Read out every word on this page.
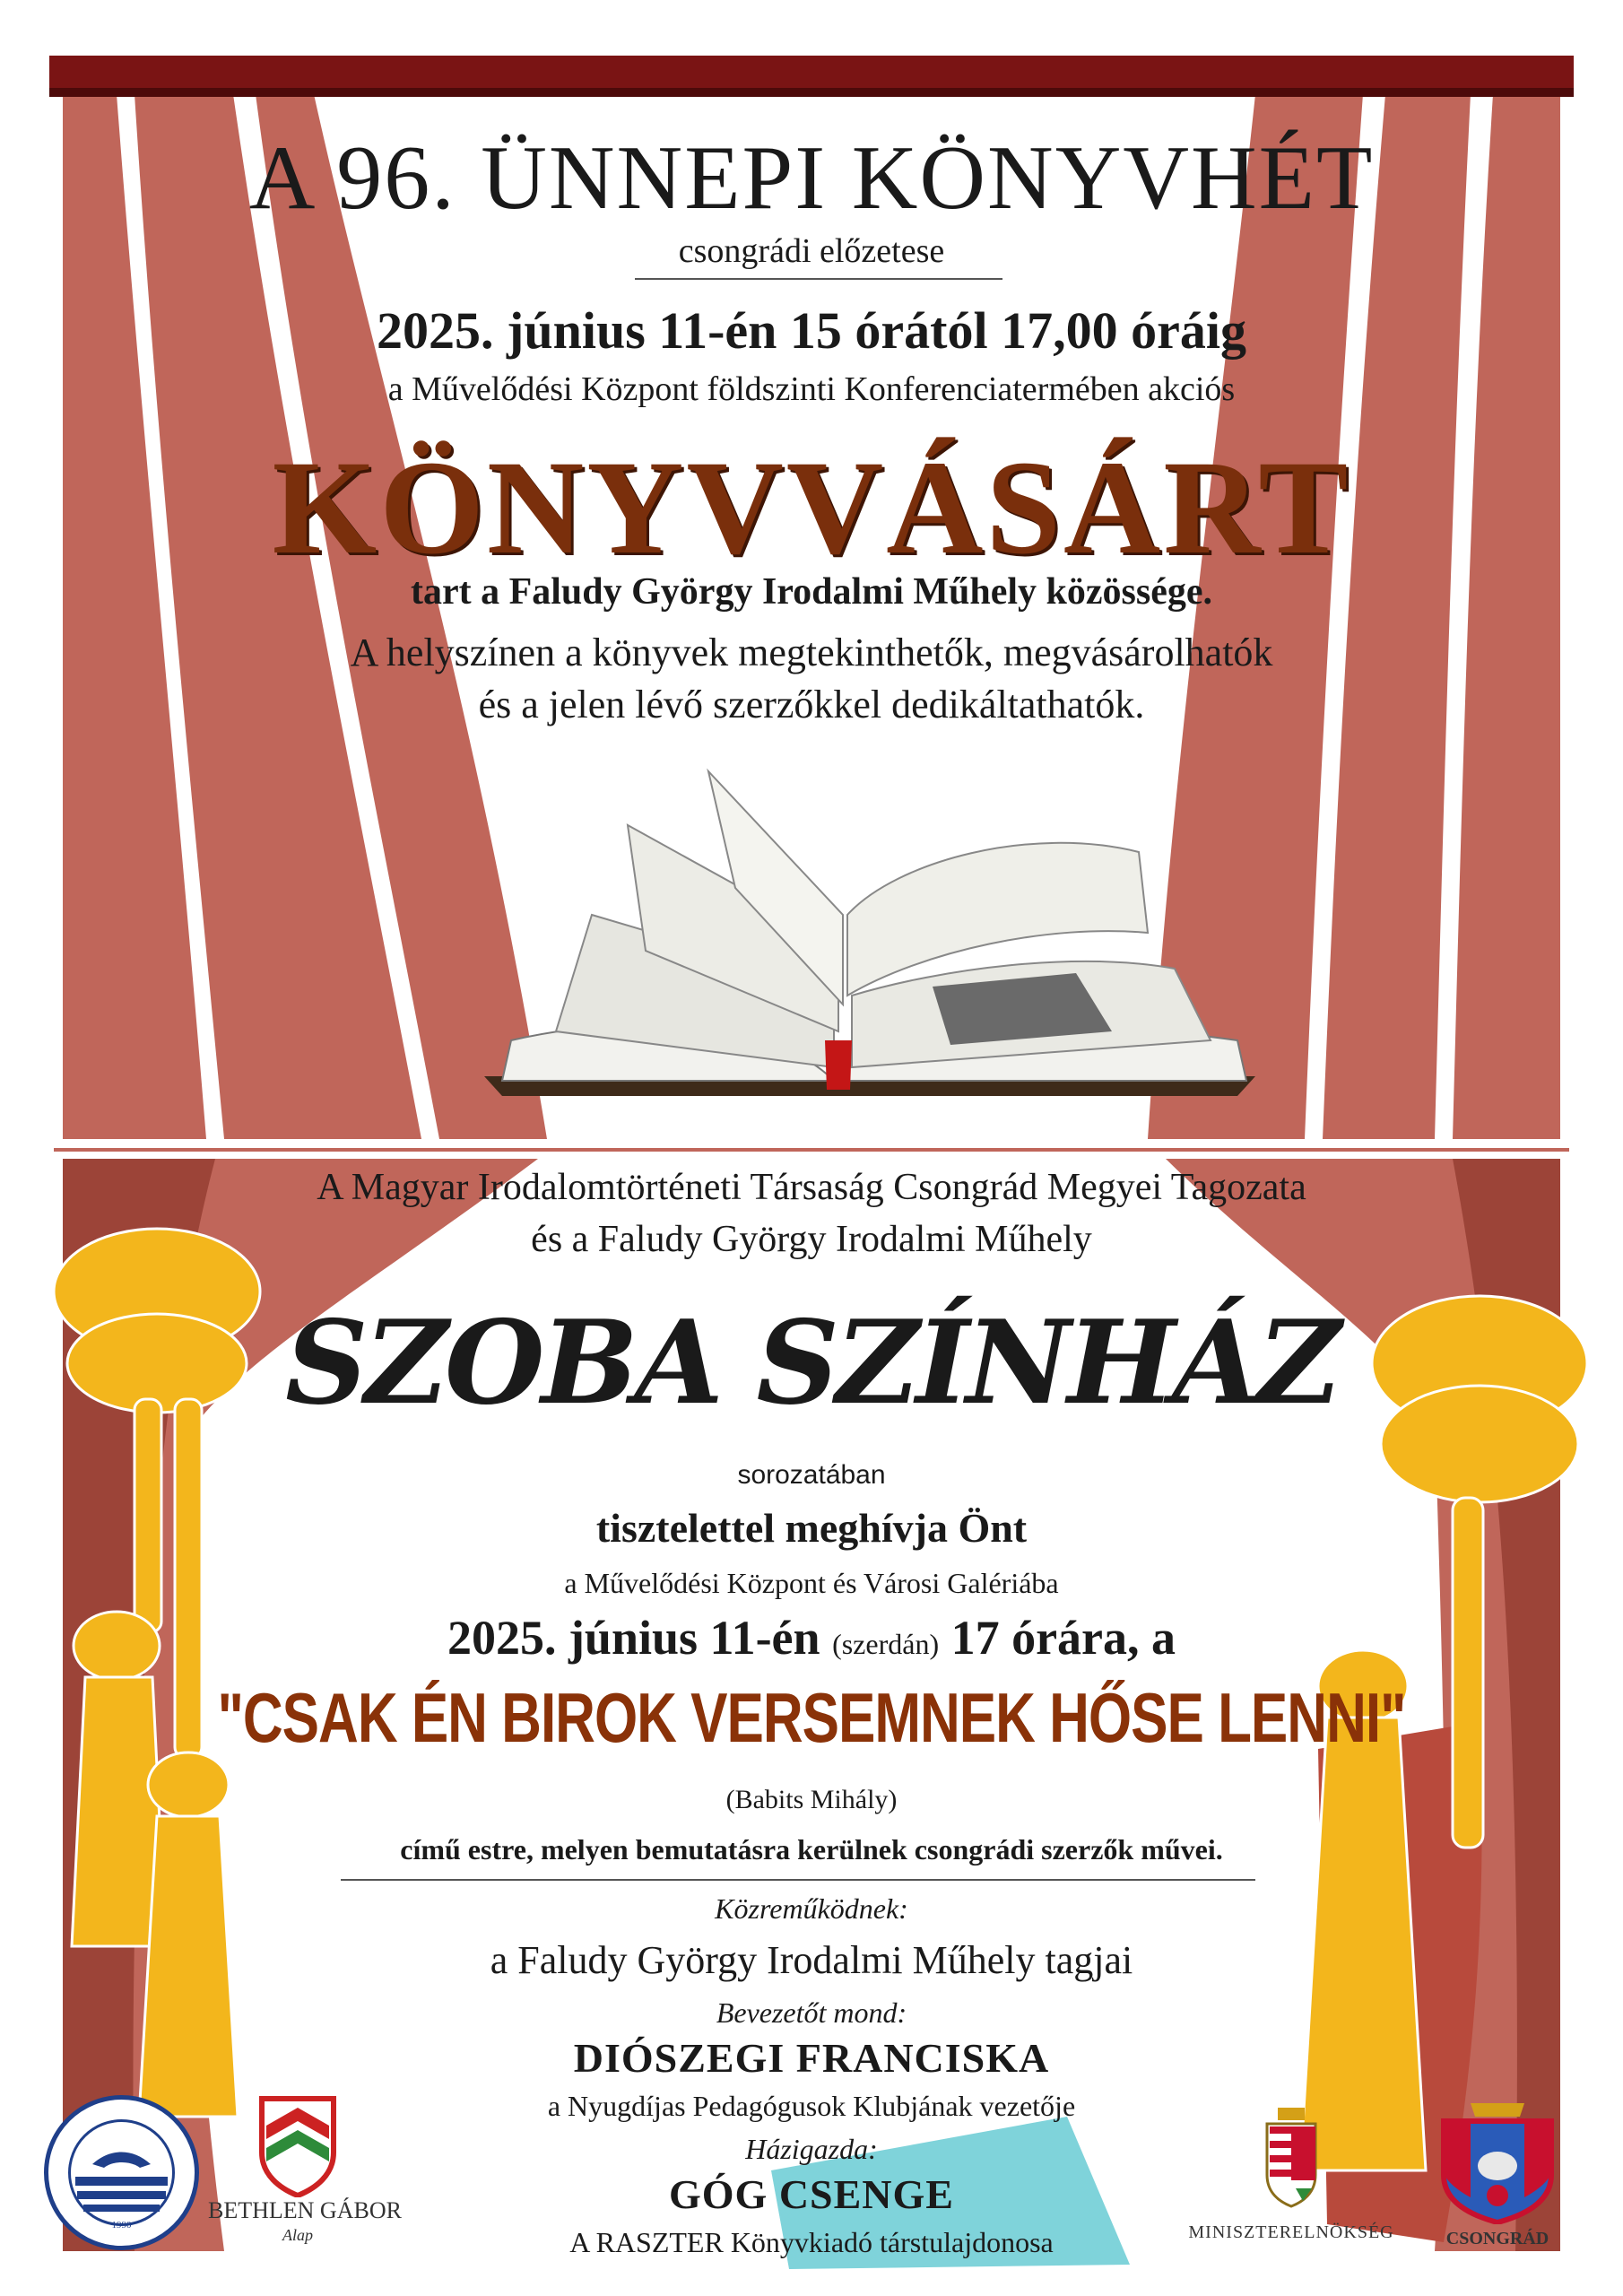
A 96. ÜNNEPI KÖNYVHÉT
csongrádi előzetese
2025. június 11-én 15 órától 17,00 óráig
a Művelődési Központ földszinti Konferenciatermében akciós
KÖNYVVÁSÁRT
tart a Faludy György Irodalmi Műhely közössége.
A helyszínen a könyvek megtekinthetők, megvásárolhatók
és a jelen lévő szerzőkkel dedikáltathatók.
A Magyar Irodalomtörténeti Társaság Csongrád Megyei Tagozata
és a Faludy György Irodalmi Műhely
SZOBA SZÍNHÁZ
sorozatában
tisztelettel meghívja Önt
a Művelődési Központ és Városi Galériába
2025. június 11-én (szerdán) 17 órára, a
"CSAK ÉN BIROK VERSEMNEK HŐSE LENNI"
(Babits Mihály)
című estre, melyen bemutatásra kerülnek csongrádi szerzők művei.
Közreműködnek:
a Faludy György Irodalmi Műhely tagjai
Bevezetőt mond:
DIÓSZEGI FRANCISKA
a Nyugdíjas Pedagógusok Klubjának vezetője
Házigazda:
GÓG CSENGE
A RASZTER Könyvkiadó társtulajdonosa
1990
BETHLEN GÁBOR
Alap	MINISZTERELNÖKSÉG	CSONGRÁD
